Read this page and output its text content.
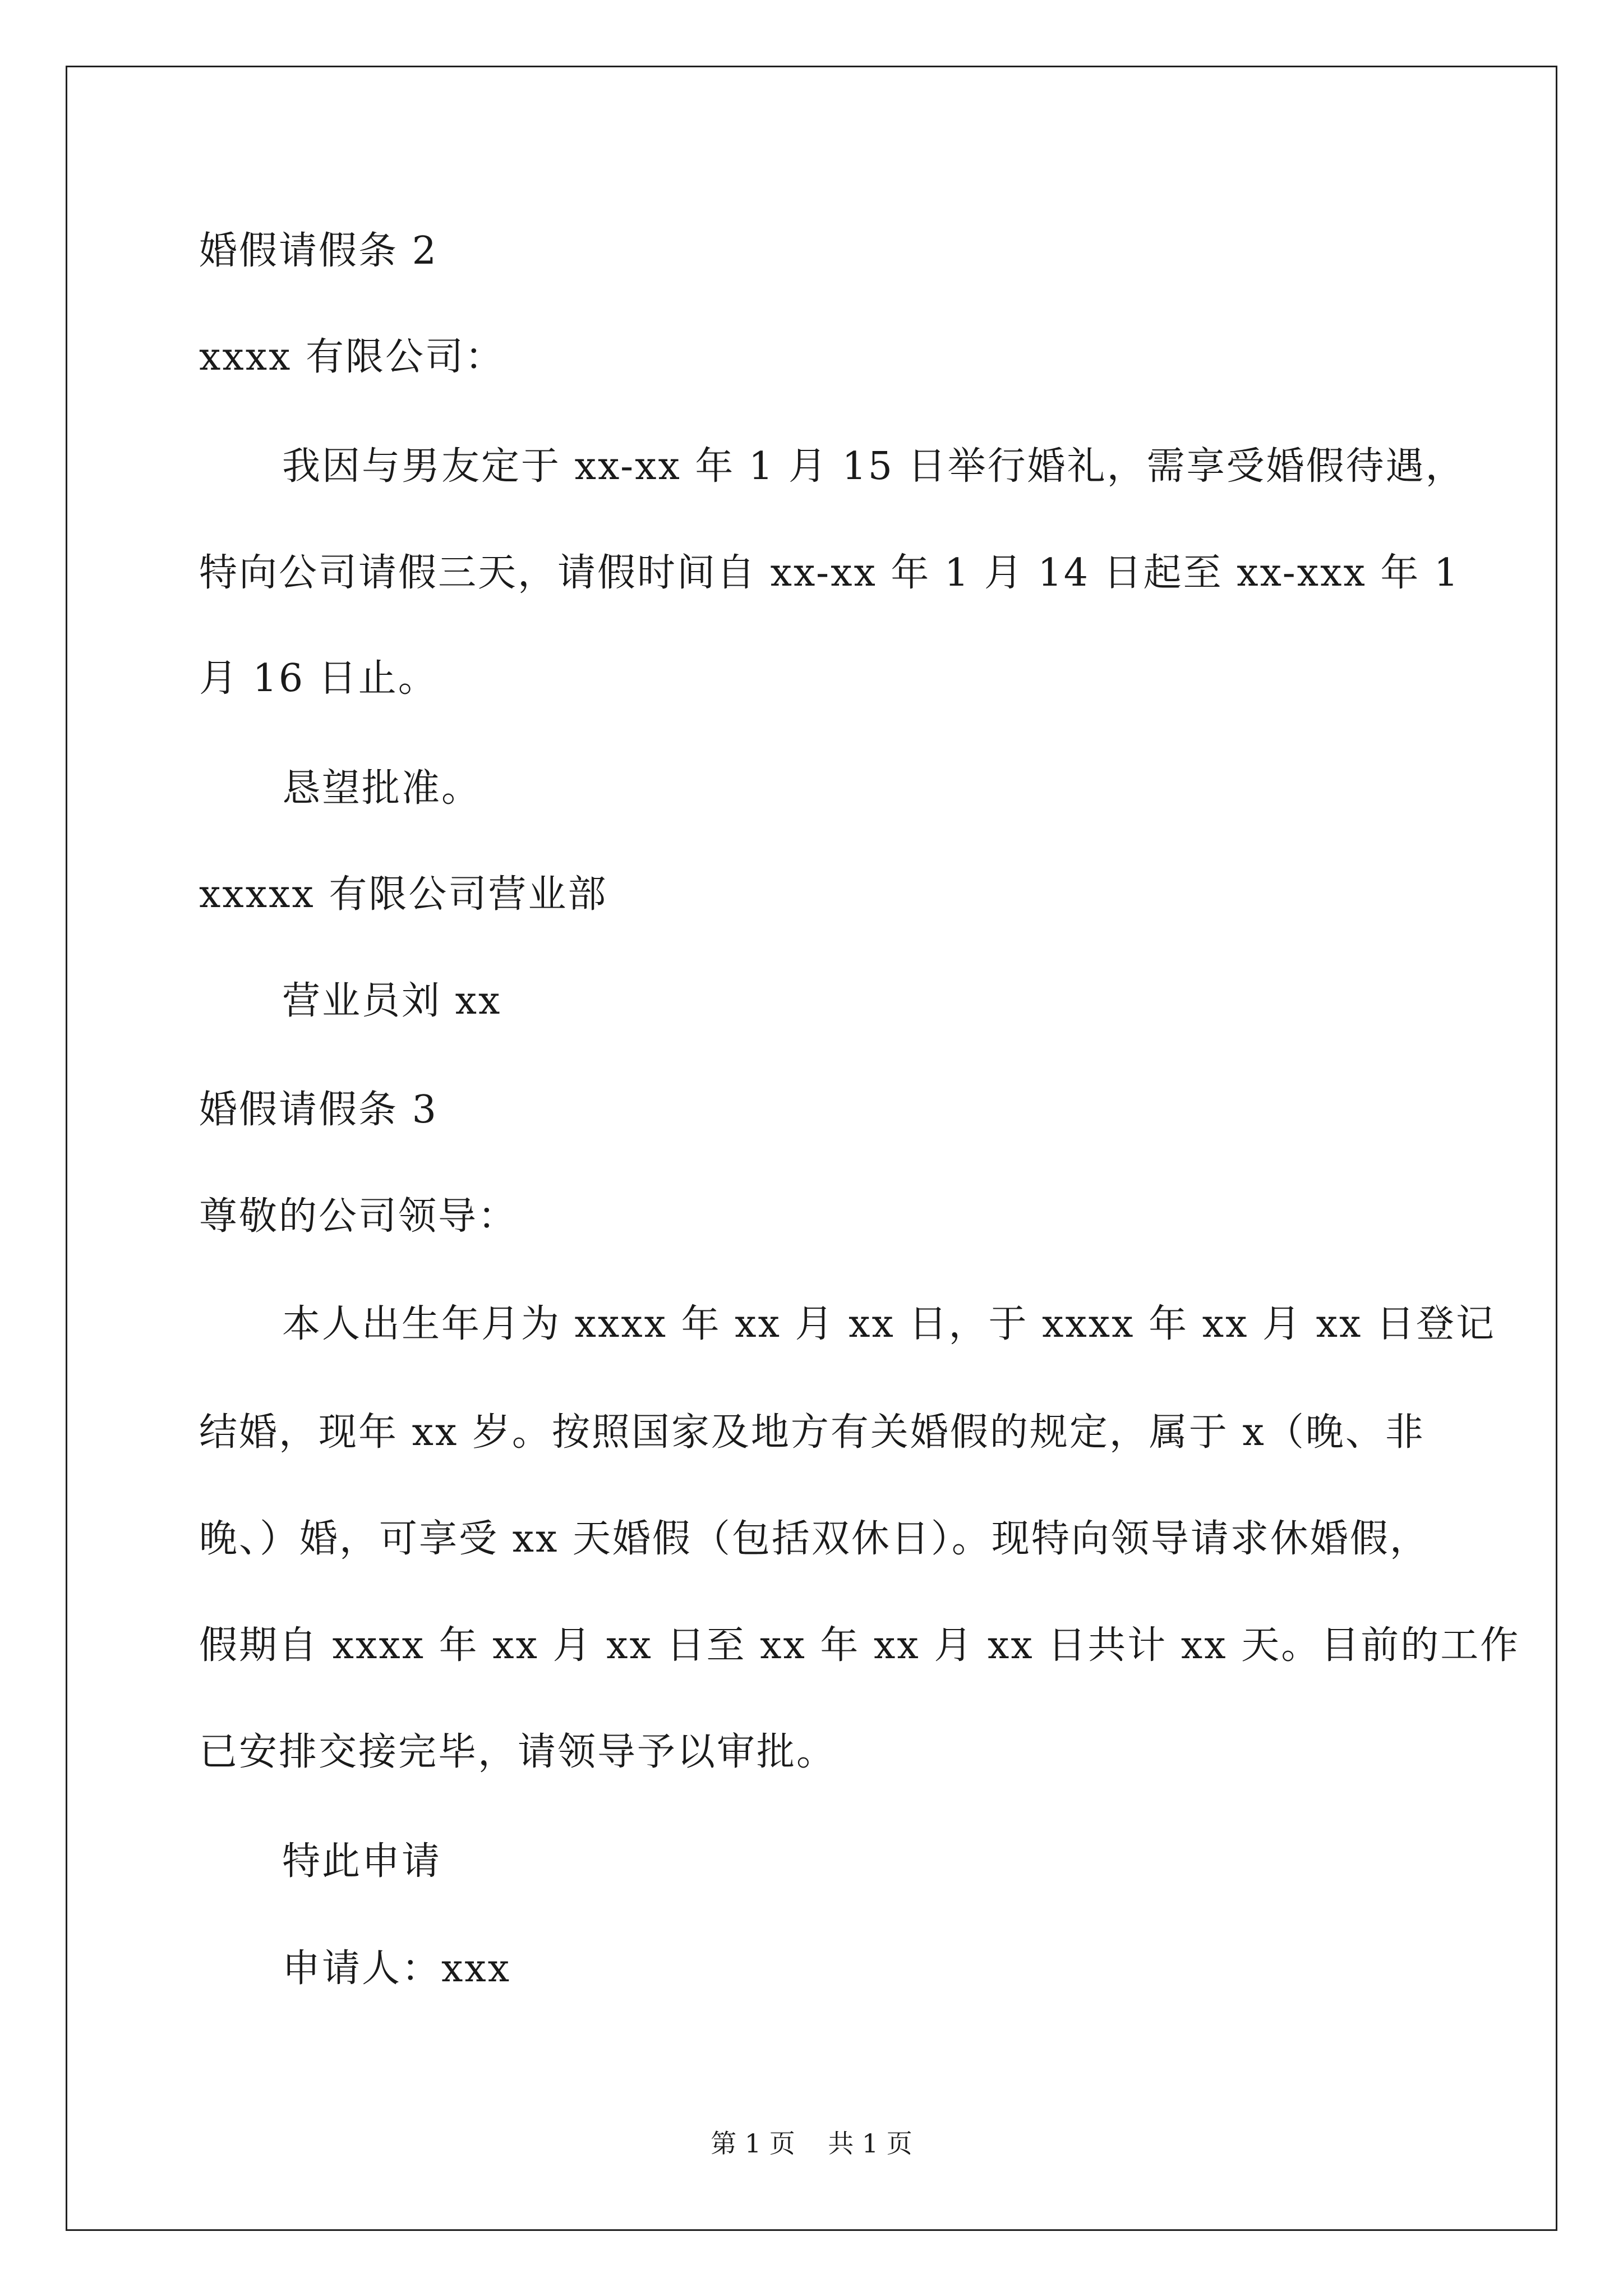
婚假请假条 2
xxxx 有限公司：
我因与男友定于 xx-xx 年 1 月 15 日举行婚礼，需享受婚假待遇，
特向公司请假三天，请假时间自 xx-xx 年 1 月 14 日起至 xx-xxx 年 1
月 16 日止。
恳望批准。
xxxxx 有限公司营业部
营业员刘 xx
婚假请假条 3
尊敬的公司领导：
本人出生年月为 xxxx 年 xx 月 xx 日，于 xxxx 年 xx 月 xx 日登记
结婚，现年 xx 岁。按照国家及地方有关婚假的规定，属于 x（晚、非
晚、）婚，可享受 xx 天婚假（包括双休日）。现特向领导请求休婚假，
假期自 xxxx 年 xx 月 xx 日至 xx 年 xx 月 xx 日共计 xx 天。目前的工作
已安排交接完毕，请领导予以审批。
特此申请
申请人：xxx
第 1 页    共 1 页
